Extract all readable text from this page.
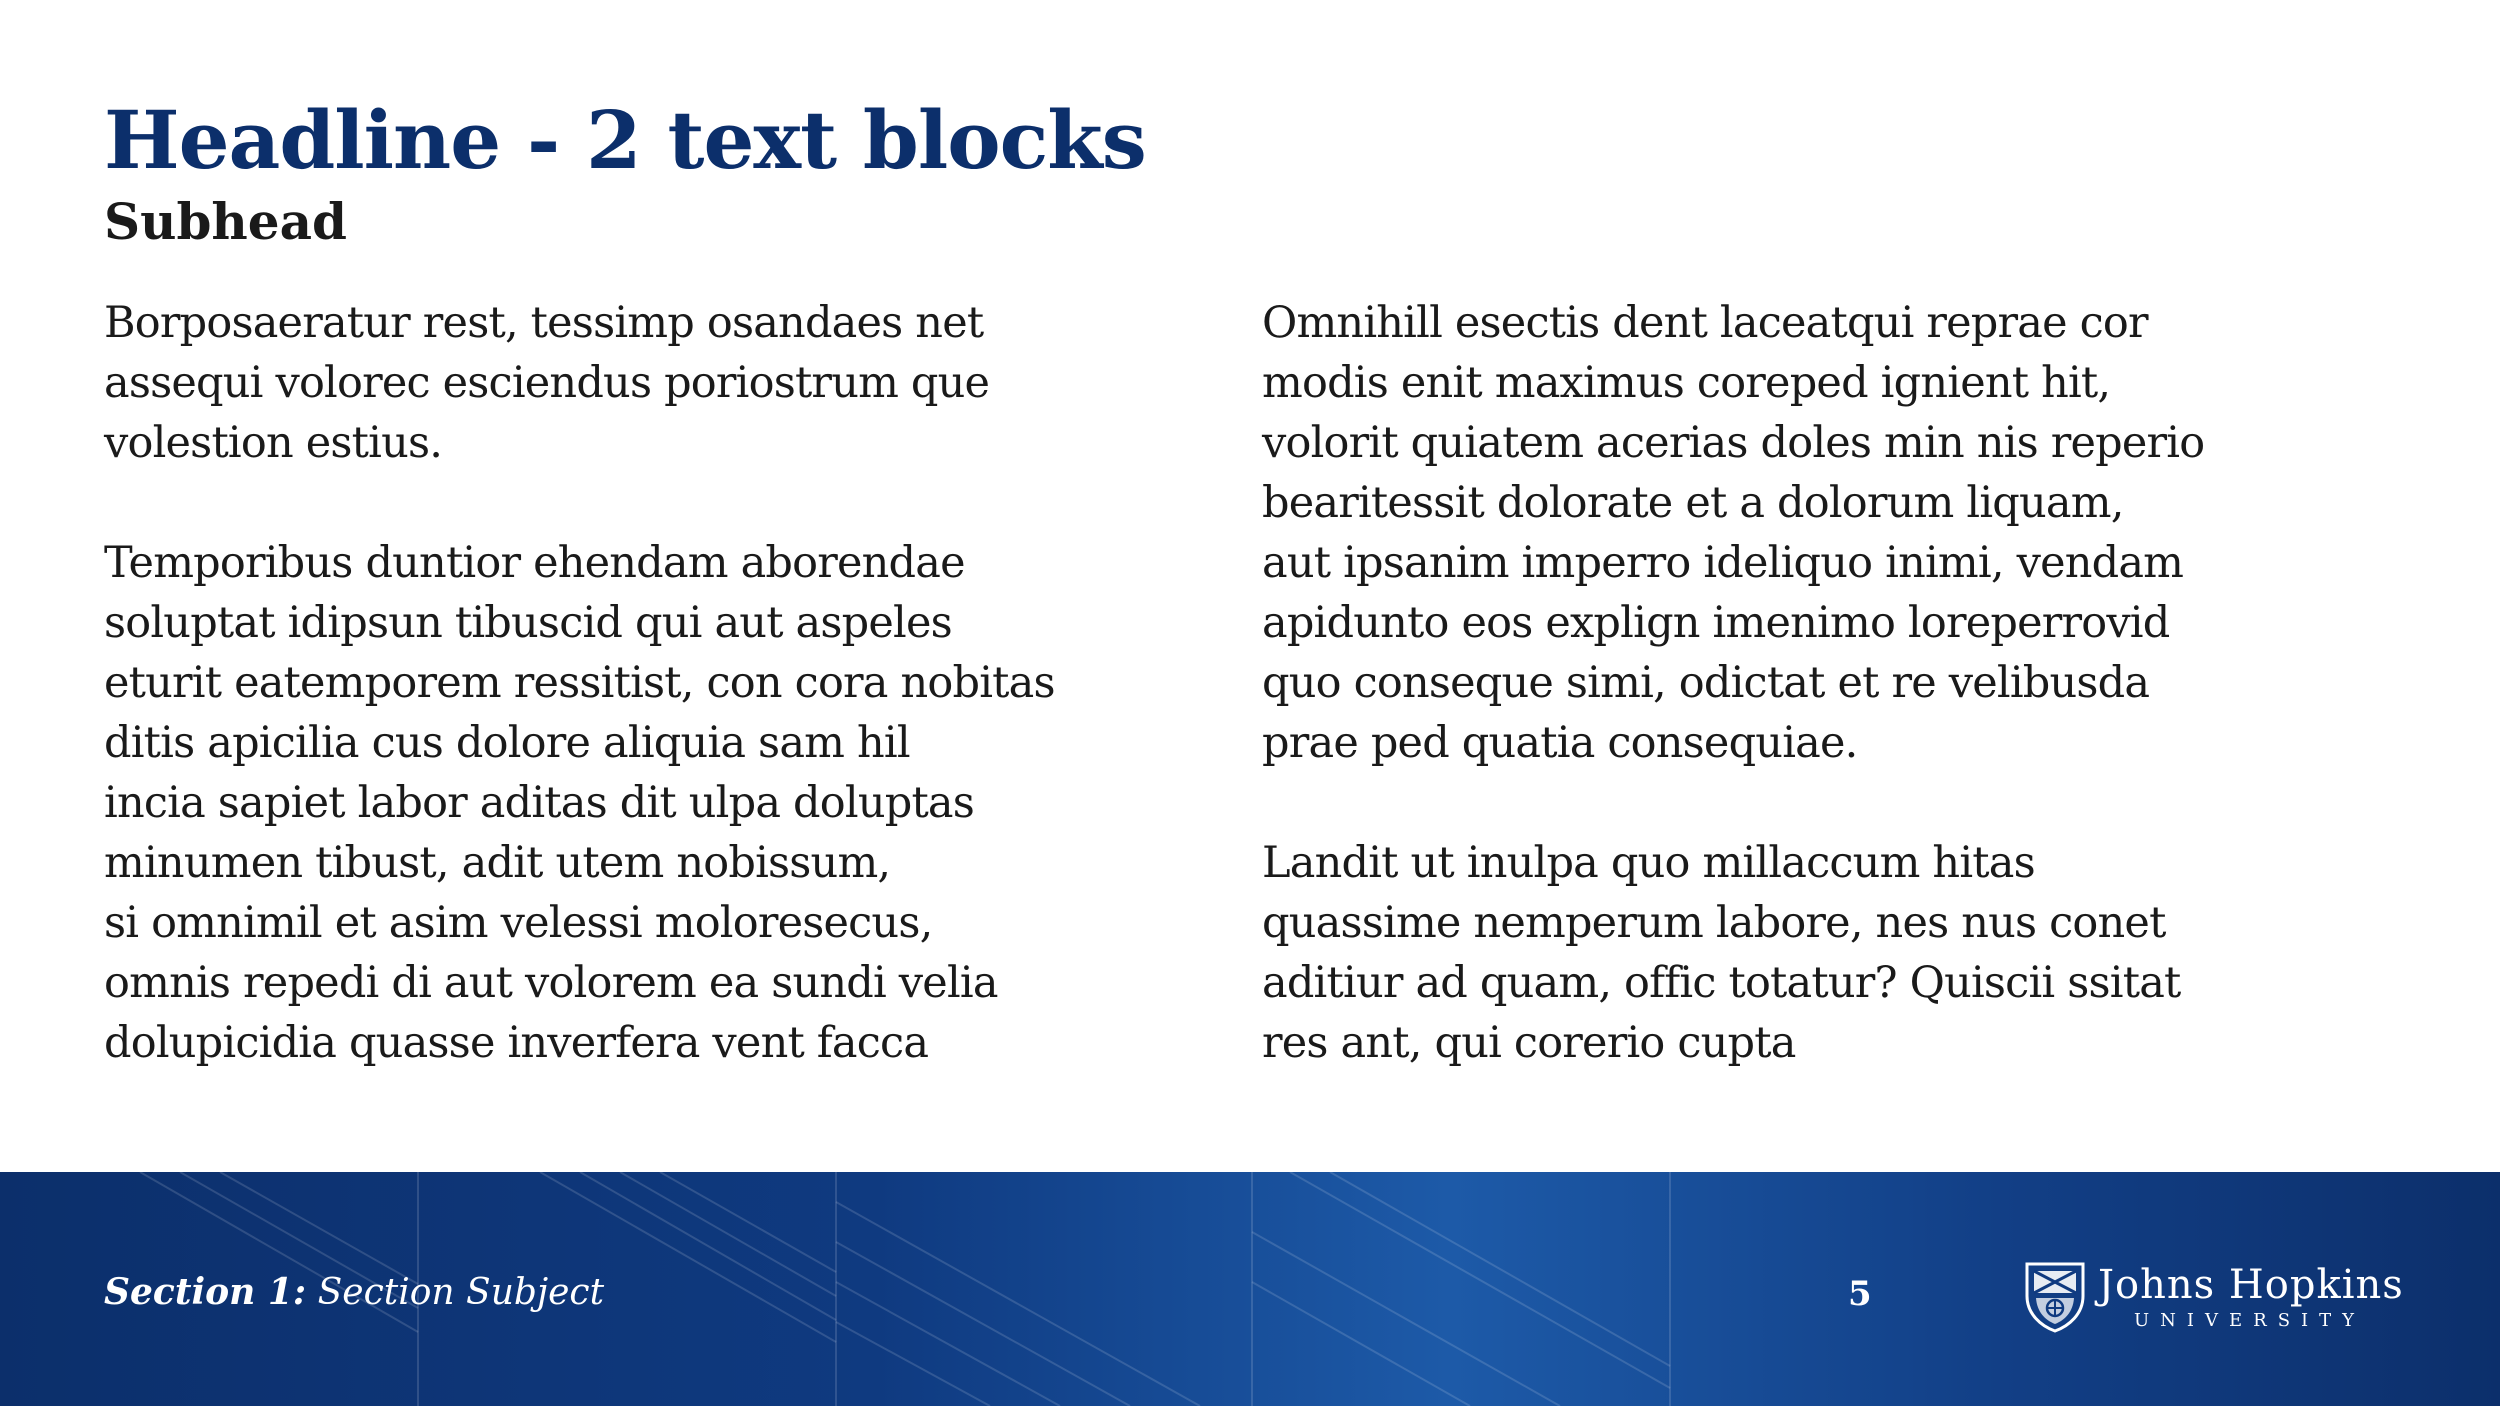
Headline - 2 text blocks
Subhead

Borposaeratur rest, tessimp osandaes net
assequi volorec esciendus poriostrum que
volestion estius.

Temporibus duntior ehendam aborendae
soluptat idipsun tibuscid qui aut aspeles
eturit eatemporem ressitist, con cora nobitas
ditis apicilia cus dolore aliquia sam hil
incia sapiet labor aditas dit ulpa doluptas
minumen tibust, adit utem nobissum,
si omnimil et asim velessi moloresecus,
omnis repedi di aut volorem ea sundi velia
dolupicidia quasse inverfera vent facca

Omnihill esectis dent laceatqui reprae cor
modis enit maximus coreped ignient hit,
volorit quiatem acerias doles min nis reperio
bearitessit dolorate et a dolorum liquam,
aut ipsanim imperro ideliquo inimi, vendam
apidunto eos explign imenimo loreperrovid
quo conseque simi, odictat et re velibusda
prae ped quatia consequiae.

Landit ut inulpa quo millaccum hitas
quassime nemperum labore, nes nus conet
aditiur ad quam, offic totatur? Quiscii ssitat
res ant, qui corerio cupta

Section 1: Section Subject	5	Johns Hopkins
UNIVERSITY
